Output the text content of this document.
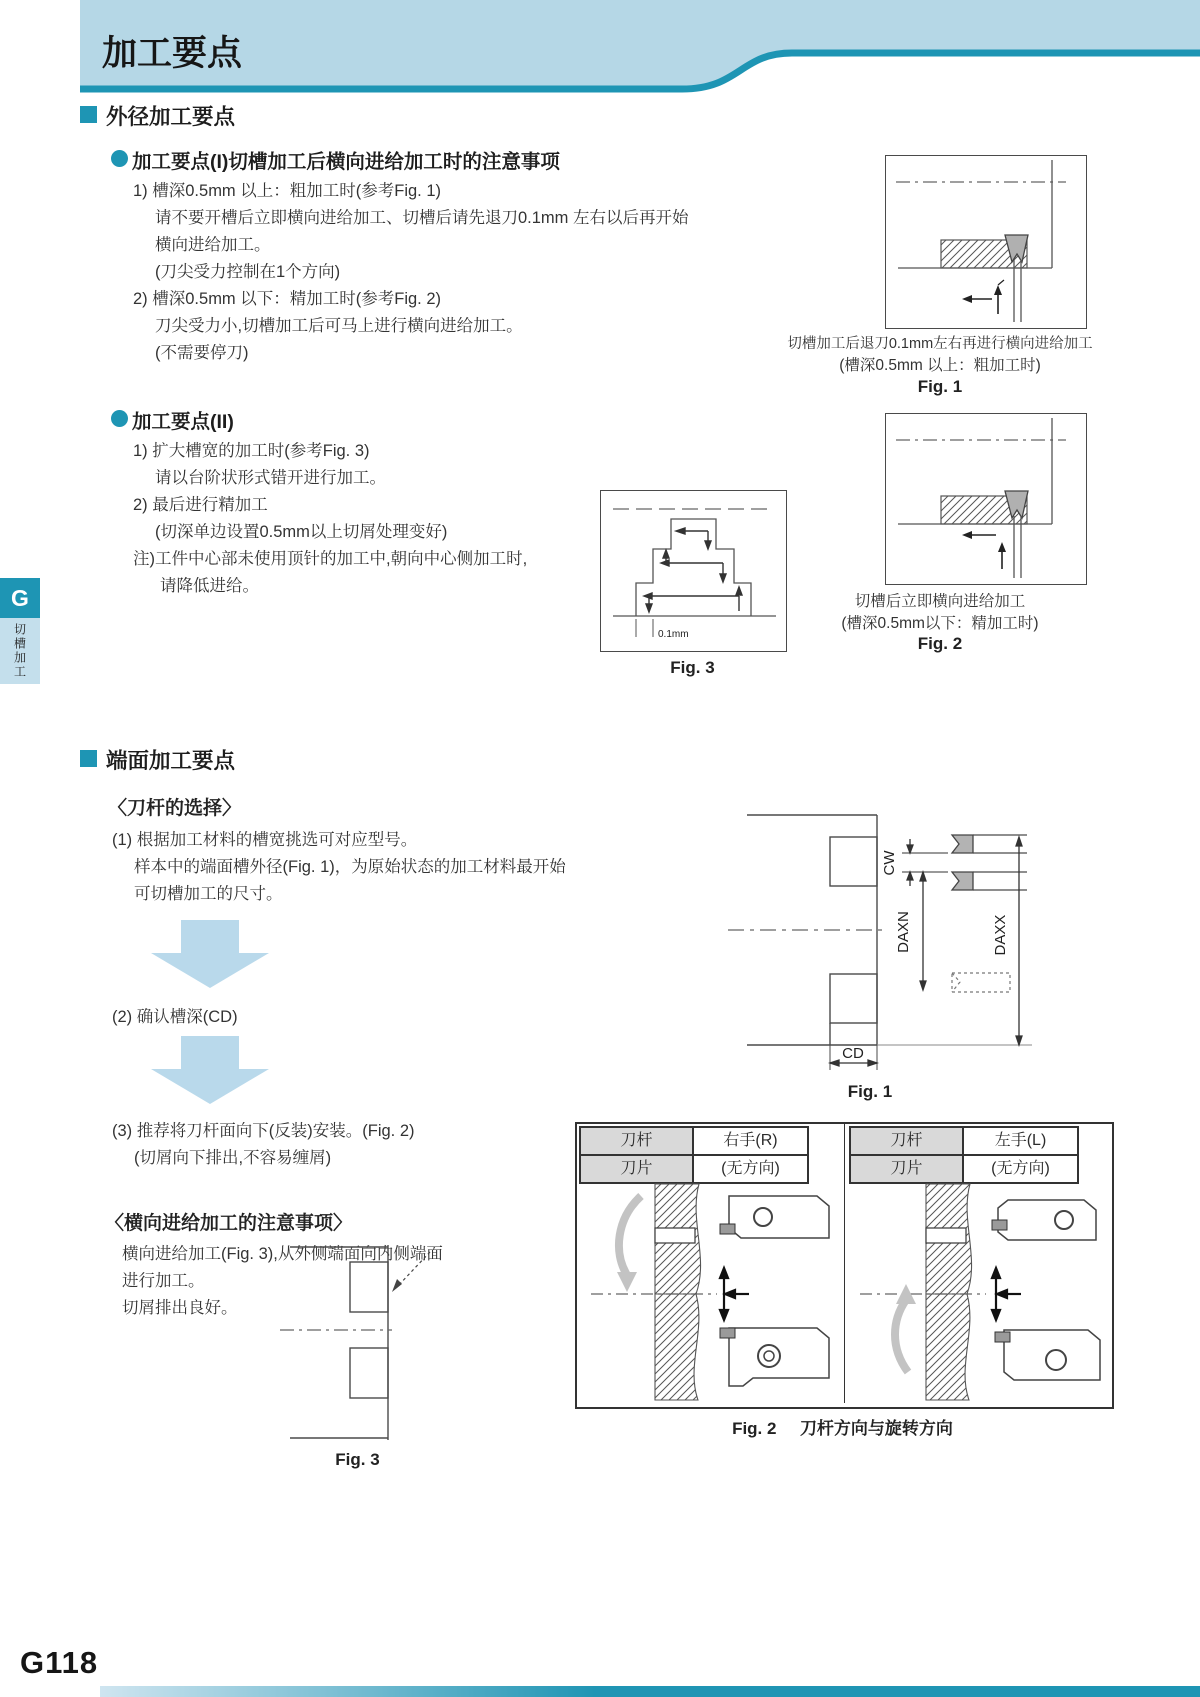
加工要点
外径加工要点
加工要点(I)切槽加工后横向进给加工时的注意事项
1) 槽深0.5mm 以上：粗加工时(参考Fig. 1)
请不要开槽后立即横向进给加工、切槽后请先退刀0.1mm 左右以后再开始
横向进给加工。
(刀尖受力控制在1个方向)
2) 槽深0.5mm 以下：精加工时(参考Fig. 2)
刀尖受力小,切槽加工后可马上进行横向进给加工。
(不需要停刀)
加工要点(II)
1) 扩大槽宽的加工时(参考Fig. 3)
请以台阶状形式错开进行加工。
2) 最后进行精加工
(切深单边设置0.5mm以上切屑处理变好)
注)工件中心部未使用顶针的加工中,朝向中心侧加工时,
请降低进给。
切槽加工后退刀0.1mm左右再进行横向进给加工
(槽深0.5mm 以上：粗加工时)
Fig. 1
切槽后立即横向进给加工
(槽深0.5mm以下：精加工时)
Fig. 2
0.1mm
Fig. 3
G
切槽加工
端面加工要点
〈刀杆的选择〉
(1) 根据加工材料的槽宽挑选可对应型号。
样本中的端面槽外径(Fig. 1)，为原始状态的加工材料最开始
可切槽加工的尺寸。
(2) 确认槽深(CD)
(3) 推荐将刀杆面向下(反装)安装。(Fig. 2)
(切屑向下排出,不容易缠屑)
〈横向进给加工的注意事项〉
横向进给加工(Fig. 3),从外侧端面向内侧端面
进行加工。
切屑排出良好。
CW
DAXN	DAXX
CD
Fig. 1
刀杆	右手(R)
刀片	(无方向)
刀杆	左手(L)
刀片	(无方向)
Fig. 2 刀杆方向与旋转方向
Fig. 3
G118
